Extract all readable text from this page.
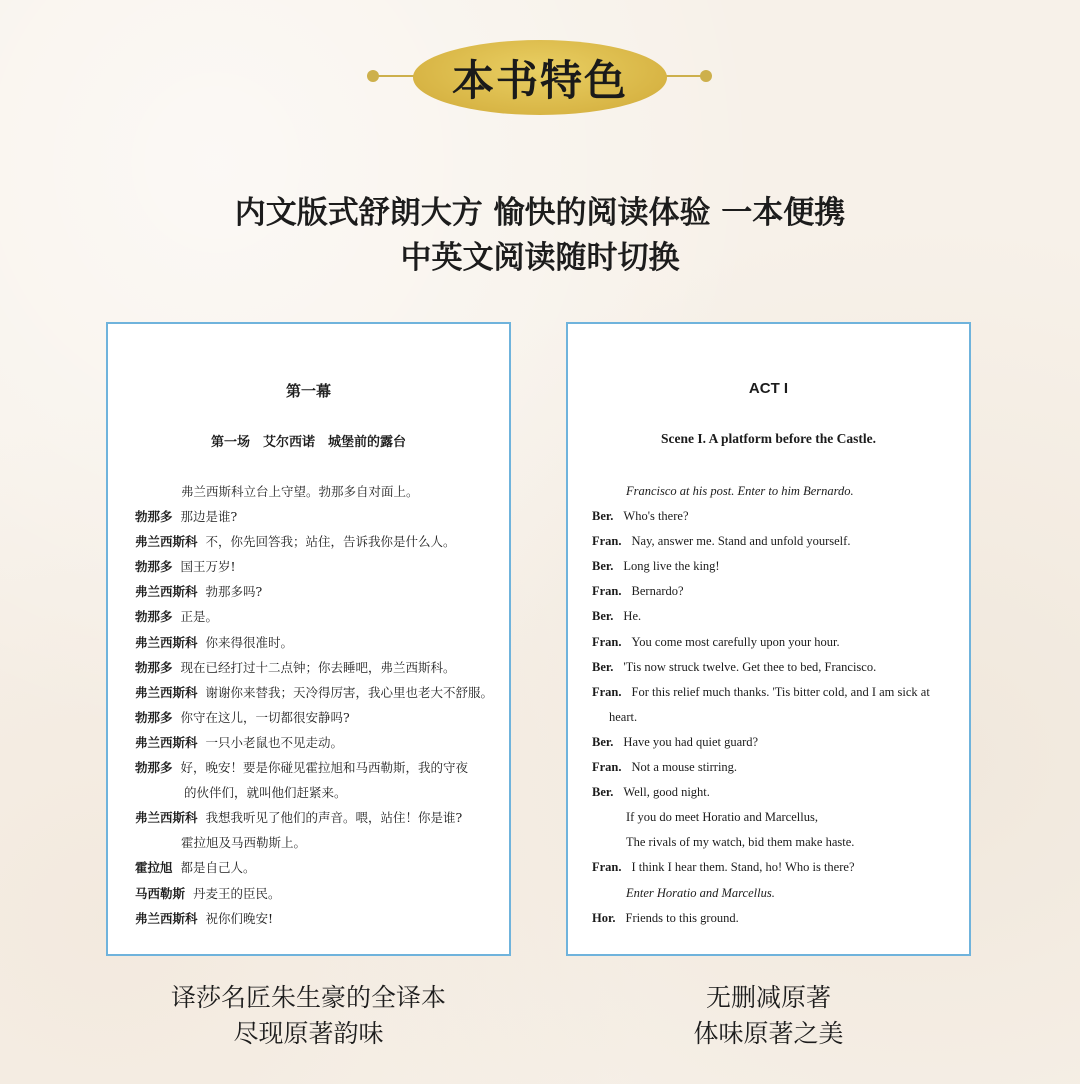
本书特色
内文版式舒朗大方 愉快的阅读体验 一本便携
中英文阅读随时切换
第一幕
第一场　艾尔西诺　城堡前的露台
弗兰西斯科立台上守望。勃那多自对面上。
勃那多 那边是谁?
弗兰西斯科 不，你先回答我；站住，告诉我你是什么人。
勃那多 国王万岁!
弗兰西斯科 勃那多吗?
勃那多 正是。
弗兰西斯科 你来得很准时。
勃那多 现在已经打过十二点钟；你去睡吧，弗兰西斯科。
弗兰西斯科 谢谢你来替我；天冷得厉害，我心里也老大不舒服。
勃那多 你守在这儿，一切都很安静吗?
弗兰西斯科 一只小老鼠也不见走动。
勃那多 好，晚安！要是你碰见霍拉旭和马西勒斯，我的守夜
的伙伴们，就叫他们赶紧来。
弗兰西斯科 我想我听见了他们的声音。喂，站住！你是谁?
霍拉旭及马西勒斯上。
霍拉旭 都是自己人。
马西勒斯 丹麦王的臣民。
弗兰西斯科 祝你们晚安!
ACT I
Scene I. A platform before the Castle.
Francisco at his post. Enter to him Bernardo.
Ber. Who's there?
Fran. Nay, answer me. Stand and unfold yourself.
Ber. Long live the king!
Fran. Bernardo?
Ber. He.
Fran. You come most carefully upon your hour.
Ber. 'Tis now struck twelve. Get thee to bed, Francisco.
Fran. For this relief much thanks. 'Tis bitter cold, and I am sick at
heart.
Ber. Have you had quiet guard?
Fran. Not a mouse stirring.
Ber. Well, good night.
If you do meet Horatio and Marcellus,
The rivals of my watch, bid them make haste.
Fran. I think I hear them. Stand, ho! Who is there?
Enter Horatio and Marcellus.
Hor. Friends to this ground.
译莎名匠朱生豪的全译本
尽现原著韵味
无删减原著
体味原著之美
